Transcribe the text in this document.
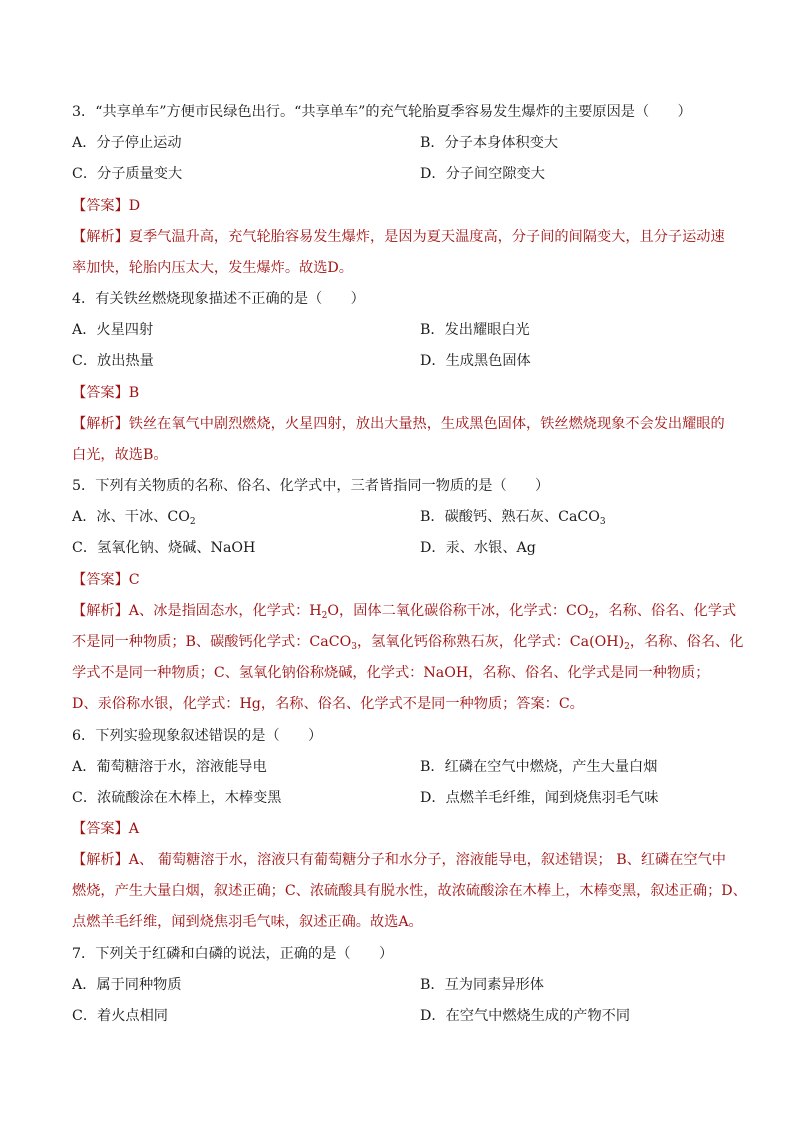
3．“共享单车”方便市民绿色出行。“共享单车”的充气轮胎夏季容易发生爆炸的主要原因是（　　）
A．分子停止运动	B．分子本身体积变大
C．分子质量变大	D．分子间空隙变大
【答案】D
【解析】夏季气温升高，充气轮胎容易发生爆炸，是因为夏天温度高，分子间的间隔变大，且分子运动速
率加快，轮胎内压太大，发生爆炸。故选D。
4．有关铁丝燃烧现象描述不正确的是（　　）
A．火星四射	B．发出耀眼白光
C．放出热量	D．生成黑色固体
【答案】B
【解析】铁丝在氧气中剧烈燃烧，火星四射，放出大量热，生成黑色固体，铁丝燃烧现象不会发出耀眼的
白光，故选B。
5．下列有关物质的名称、俗名、化学式中，三者皆指同一物质的是（　　）
A．冰、干冰、$CO_2$	B．碳酸钙、熟石灰、CaCO$_3$
C．氢氧化钠、烧碱、NaOH	D．汞、水银、Ag
【答案】C
【解析】A、冰是指固态水，化学式：$H_2O$，固体二氧化碳俗称干冰，化学式：$CO_2$，名称、俗名、化学式
不是同一种物质；B、碳酸钙化学式：CaCO$_3$，氢氧化钙俗称熟石灰，化学式：$Ca(OH)_2$，名称、俗名、化
学式不是同一种物质；C、氢氧化钠俗称烧碱，化学式：NaOH，名称、俗名、化学式是同一种物质；
D、汞俗称水银，化学式：Hg，名称、俗名、化学式不是同一种物质；答案：C。
6．下列实验现象叙述错误的是（　　）
A．葡萄糖溶于水，溶液能导电	B．红磷在空气中燃烧，产生大量白烟
C．浓硫酸涂在木棒上，木棒变黑	D．点燃羊毛纤维，闻到烧焦羽毛气味
【答案】A
【解析】A、 葡萄糖溶于水，溶液只有葡萄糖分子和水分子，溶液能导电，叙述错误； B、红磷在空气中
燃烧，产生大量白烟，叙述正确；C、浓硫酸具有脱水性，故浓硫酸涂在木棒上，木棒变黑，叙述正确；D、
点燃羊毛纤维，闻到烧焦羽毛气味，叙述正确。故选A。
7．下列关于红磷和白磷的说法，正确的是（　　）
A．属于同种物质	B．互为同素异形体
C．着火点相同	D．在空气中燃烧生成的产物不同
